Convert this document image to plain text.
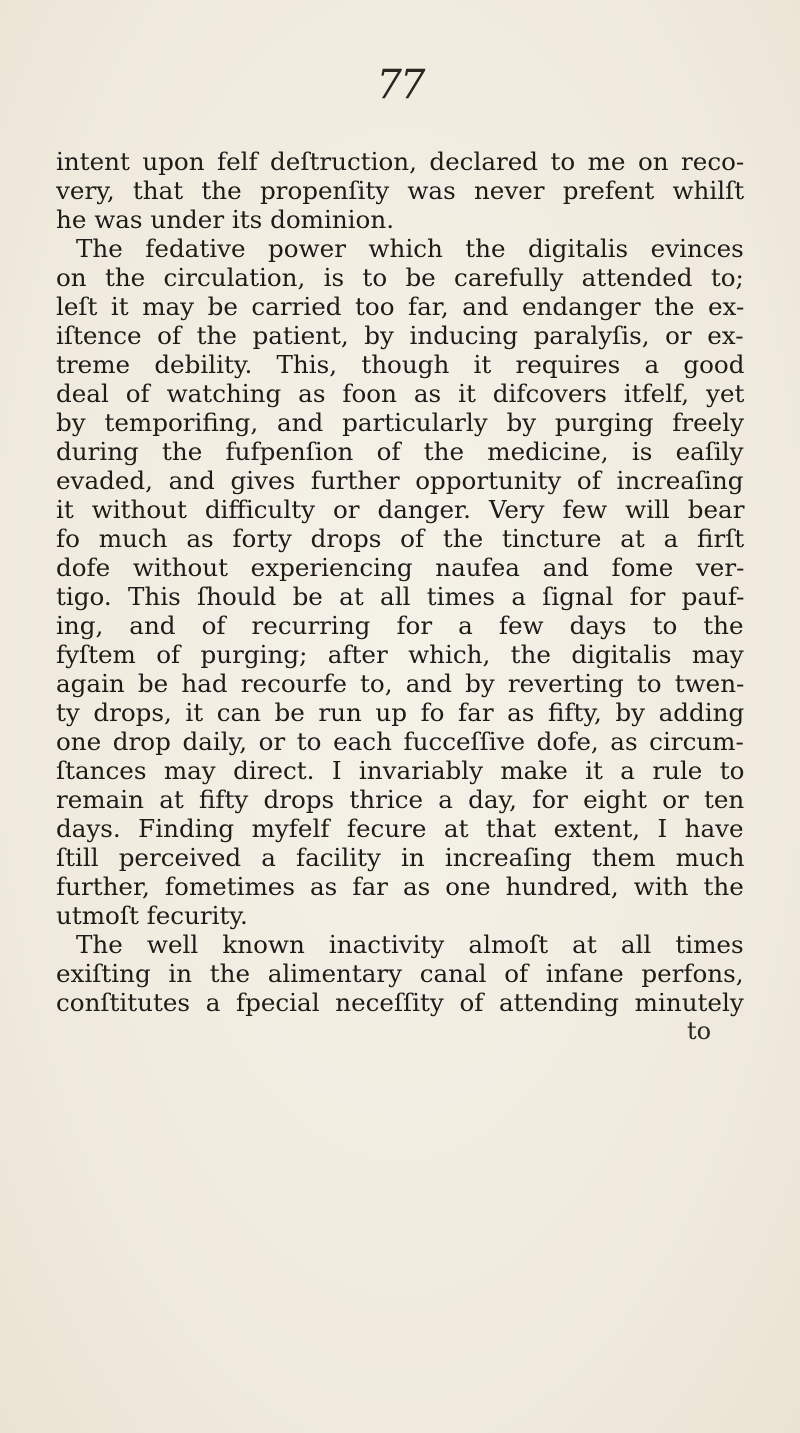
77
intent upon felf deſtruction, declared to me on reco-
very, that the propenſity was never prefent whilſt
he was under its dominion.
The fedative power which the digitalis evinces
on the circulation, is to be carefully attended to;
leſt it may be carried too far, and endanger the ex-
iſtence of the patient, by inducing paralyſis, or ex-
treme debility. This, though it requires a good
deal of watching as foon as it difcovers itfelf, yet
by temporifing, and particularly by purging freely
during the fufpenſion of the medicine, is eaſily
evaded, and gives further opportunity of increaſing
it without difficulty or danger. Very few will bear
fo much as forty drops of the tincture at a firſt
dofe without experiencing naufea and fome ver-
tigo. This ſhould be at all times a ſignal for pauf-
ing, and of recurring for a few days to the
fyſtem of purging; after which, the digitalis may
again be had recourfe to, and by reverting to twen-
ty drops, it can be run up fo far as fifty, by adding
one drop daily, or to each fucceſſive dofe, as circum-
ſtances may direct. I invariably make it a rule to
remain at fifty drops thrice a day, for eight or ten
days. Finding myfelf fecure at that extent, I have
ſtill perceived a facility in increaſing them much
further, fometimes as far as one hundred, with the
utmoſt fecurity.
The well known inactivity almoſt at all times
exiſting in the alimentary canal of infane perfons,
conſtitutes a fpecial neceſſity of attending minutely
to
